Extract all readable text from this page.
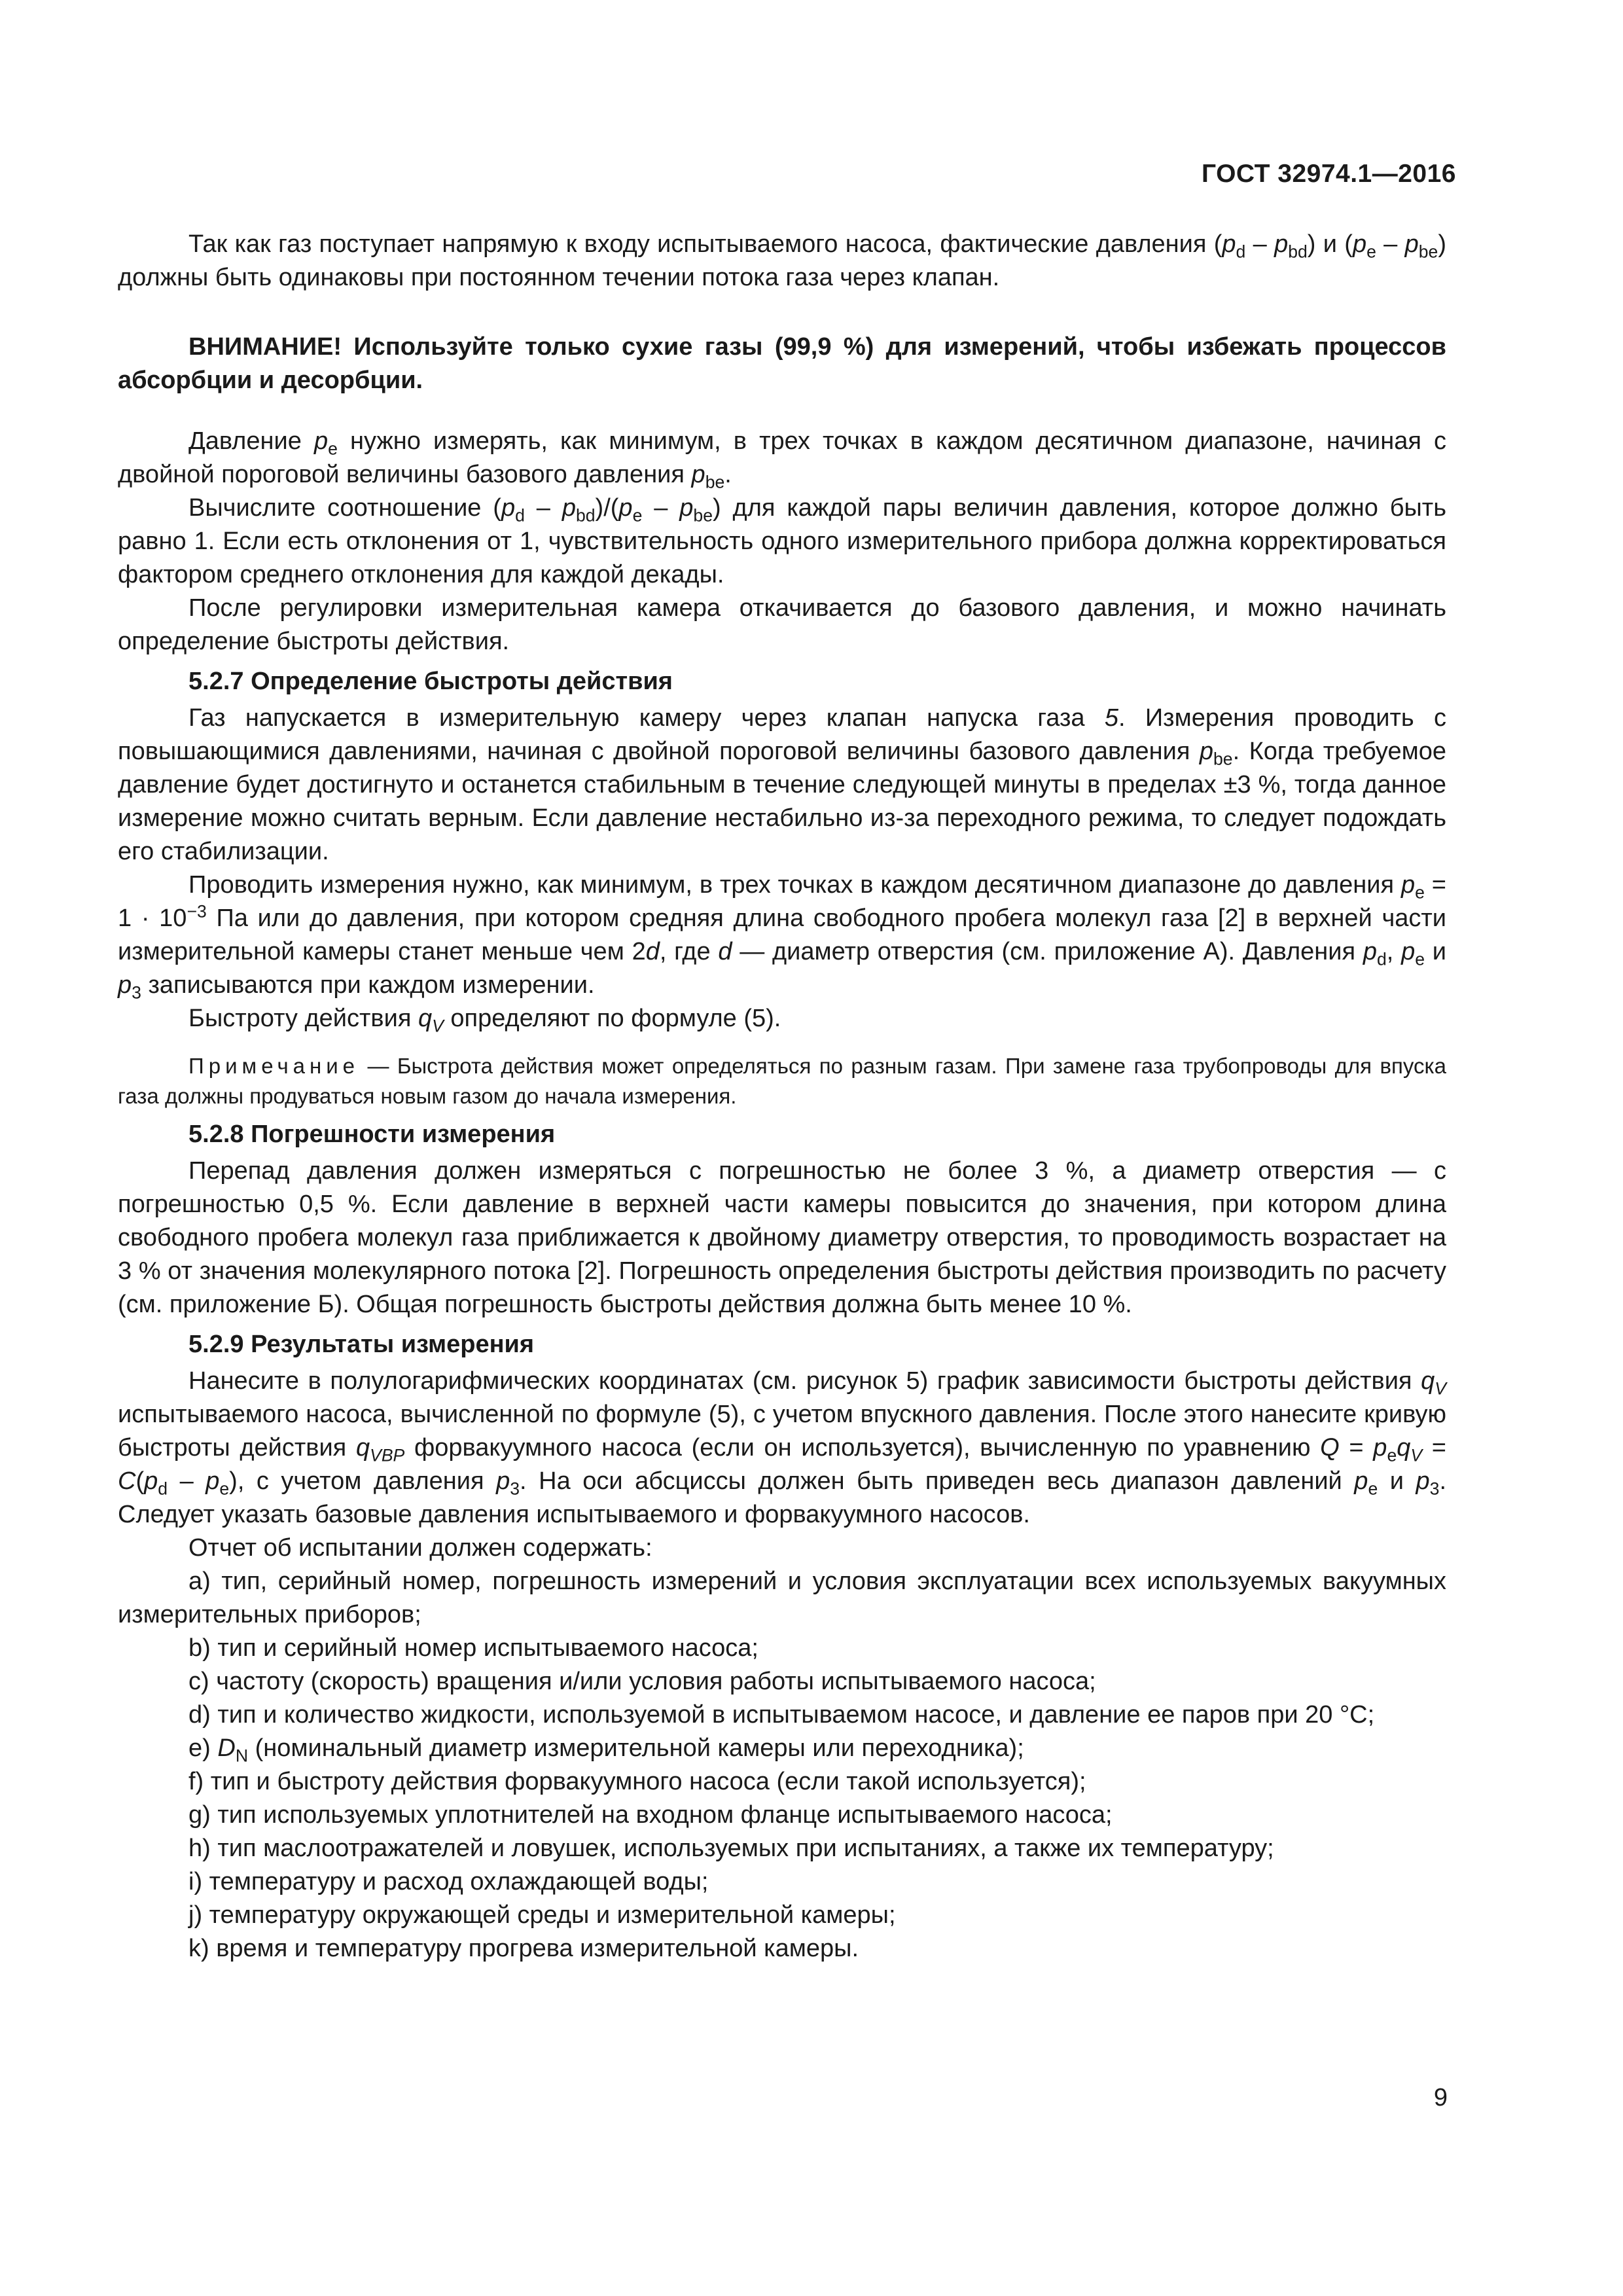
ГОСТ 32974.1—2016

Так как газ поступает напрямую к входу испытываемого насоса, фактические давления $(p_d - p_{bd})$ и $(p_e - p_{be})$ должны быть одинаковы при постоянном течении потока газа через клапан.

ВНИМАНИЕ! Используйте только сухие газы (99,9 %) для измерений, чтобы избежать процессов абсорбции и десорбции.

Давление $p_e$ нужно измерять, как минимум, в трех точках в каждом десятичном диапазоне, начиная с двойной пороговой величины базового давления $p_{be}$.

Вычислите соотношение $(p_d - p_{bd})/(p_e - p_{be})$ для каждой пары величин давления, которое должно быть равно 1. Если есть отклонения от 1, чувствительность одного измерительного прибора должна корректироваться фактором среднего отклонения для каждой декады.

После регулировки измерительная камера откачивается до базового давления, и можно начинать определение быстроты действия.

5.2.7 Определение быстроты действия

Газ напускается в измерительную камеру через клапан напуска газа 5. Измерения проводить с повышающимися давлениями, начиная с двойной пороговой величины базового давления $p_{be}$. Когда требуемое давление будет достигнуто и останется стабильным в течение следующей минуты в пределах ±3 %, тогда данное измерение можно считать верным. Если давление нестабильно из-за переходного режима, то следует подождать его стабилизации.

Проводить измерения нужно, как минимум, в трех точках в каждом десятичном диапазоне до давления $p_e = 1 \cdot 10^{-3}$ Па или до давления, при котором средняя длина свободного пробега молекул газа [2] в верхней части измерительной камеры станет меньше чем 2d, где d — диаметр отверстия (см. приложение А). Давления $p_d$, $p_e$ и $p_3$ записываются при каждом измерении.

Быстроту действия $q_V$ определяют по формуле (5).

Примечание — Быстрота действия может определяться по разным газам. При замене газа трубопроводы для впуска газа должны продуваться новым газом до начала измерения.

5.2.8 Погрешности измерения

Перепад давления должен измеряться с погрешностью не более 3 %, а диаметр отверстия — с погрешностью 0,5 %. Если давление в верхней части камеры повысится до значения, при котором длина свободного пробега молекул газа приближается к двойному диаметру отверстия, то проводимость возрастает на 3 % от значения молекулярного потока [2]. Погрешность определения быстроты действия производить по расчету (см. приложение Б). Общая погрешность быстроты действия должна быть менее 10 %.

5.2.9 Результаты измерения

Нанесите в полулогарифмических координатах (см. рисунок 5) график зависимости быстроты действия $q_V$ испытываемого насоса, вычисленной по формуле (5), с учетом впускного давления. После этого нанесите кривую быстроты действия $q_{VBP}$ форвакуумного насоса (если он используется), вычисленную по уравнению $Q = p_eq_V = C(p_d - p_e)$, с учетом давления $p_3$. На оси абсциссы должен быть приведен весь диапазон давлений $p_e$ и $p_3$. Следует указать базовые давления испытываемого и форвакуумного насосов.

Отчет об испытании должен содержать:

a) тип, серийный номер, погрешность измерений и условия эксплуатации всех используемых вакуумных измерительных приборов;

b) тип и серийный номер испытываемого насоса;

c) частоту (скорость) вращения и/или условия работы испытываемого насоса;

d) тип и количество жидкости, используемой в испытываемом насосе, и давление ее паров при 20 °C;

e) $D_N$ (номинальный диаметр измерительной камеры или переходника);

f) тип и быстроту действия форвакуумного насоса (если такой используется);

g) тип используемых уплотнителей на входном фланце испытываемого насоса;

h) тип маслоотражателей и ловушек, используемых при испытаниях, а также их температуру;

i) температуру и расход охлаждающей воды;

j) температуру окружающей среды и измерительной камеры;

k) время и температуру прогрева измерительной камеры.

9
